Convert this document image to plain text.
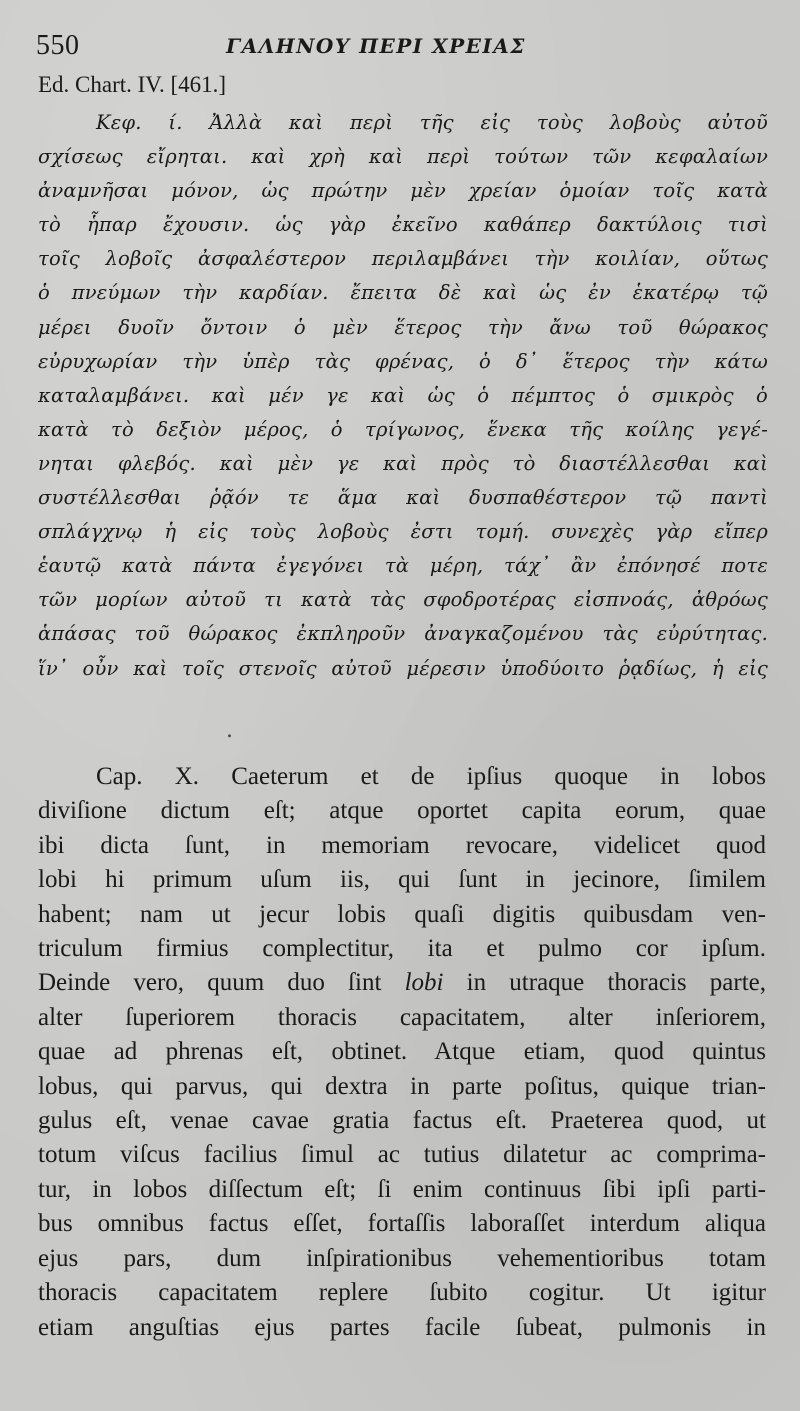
550	ΓΑΛΗΝΟΥ ΠΕΡΙ ΧΡΕΙΑΣ
Ed. Chart. IV. [461.]
Κεφ. ί. Ἀλλὰ καὶ περὶ τῆς εἰς τοὺς λοβοὺς αὐτοῦ
σχίσεως εἴρηται. καὶ χρὴ καὶ περὶ τούτων τῶν κεφαλαίων
ἀναμνῆσαι μόνον, ὡς πρώτην μὲν χρείαν ὁμοίαν τοῖς κατὰ
τὸ ἧπαρ ἔχουσιν. ὡς γὰρ ἐκεῖνο καθάπερ δακτύλοις τισὶ
τοῖς λοβοῖς ἀσφαλέστερον περιλαμβάνει τὴν κοιλίαν, οὕτως
ὁ πνεύμων τὴν καρδίαν. ἔπειτα δὲ καὶ ὡς ἐν ἑκατέρῳ τῷ
μέρει δυοῖν ὄντοιν ὁ μὲν ἕτερος τὴν ἄνω τοῦ θώρακος
εὐρυχωρίαν τὴν ὑπὲρ τὰς φρένας, ὁ δ᾽ ἕτερος τὴν κάτω
καταλαμβάνει. καὶ μέν γε καὶ ὡς ὁ πέμπτος ὁ σμικρὸς ὁ
κατὰ τὸ δεξιὸν μέρος, ὁ τρίγωνος, ἕνεκα τῆς κοίλης γεγέ-
νηται φλεβός. καὶ μὲν γε καὶ πρὸς τὸ διαστέλλεσθαι καὶ
συστέλλεσθαι ῥᾷόν τε ἅμα καὶ δυσπαθέστερον τῷ παντὶ
σπλάγχνῳ ἡ εἰς τοὺς λοβοὺς ἐστι τομή. συνεχὲς γὰρ εἴπερ
ἑαυτῷ κατὰ πάντα ἐγεγόνει τὰ μέρη, τάχ᾽ ἂν ἐπόνησέ ποτε
τῶν μορίων αὐτοῦ τι κατὰ τὰς σφοδροτέρας εἰσπνοάς, ἀθρόως
ἁπάσας τοῦ θώρακος ἐκπληροῦν ἀναγκαζομένου τὰς εὐρύτητας.
ἵν᾽ οὖν καὶ τοῖς στενοῖς αὐτοῦ μέρεσιν ὑποδύοιτο ῥᾳδίως, ἡ εἰς
.
Cap. X. Caeterum et de ipſius quoque in lobos
diviſione dictum eſt; atque oportet capita eorum, quae
ibi dicta ſunt, in memoriam revocare, videlicet quod
lobi hi primum uſum iis, qui ſunt in jecinore, ſimilem
habent; nam ut jecur lobis quaſi digitis quibusdam ven-
triculum firmius complectitur, ita et pulmo cor ipſum.
Deinde vero, quum duo ſint lobi in utraque thoracis parte,
alter ſuperiorem thoracis capacitatem, alter inſeriorem,
quae ad phrenas eſt, obtinet. Atque etiam, quod quintus
lobus, qui parvus, qui dextra in parte poſitus, quique trian-
gulus eſt, venae cavae gratia factus eſt. Praeterea quod, ut
totum viſcus facilius ſimul ac tutius dilatetur ac comprima-
tur, in lobos diſſectum eſt; ſi enim continuus ſibi ipſi parti-
bus omnibus factus eſſet, fortaſſis laboraſſet interdum aliqua
ejus pars, dum inſpirationibus vehementioribus totam
thoracis capacitatem replere ſubito cogitur. Ut igitur
etiam anguſtias ejus partes facile ſubeat, pulmonis in
